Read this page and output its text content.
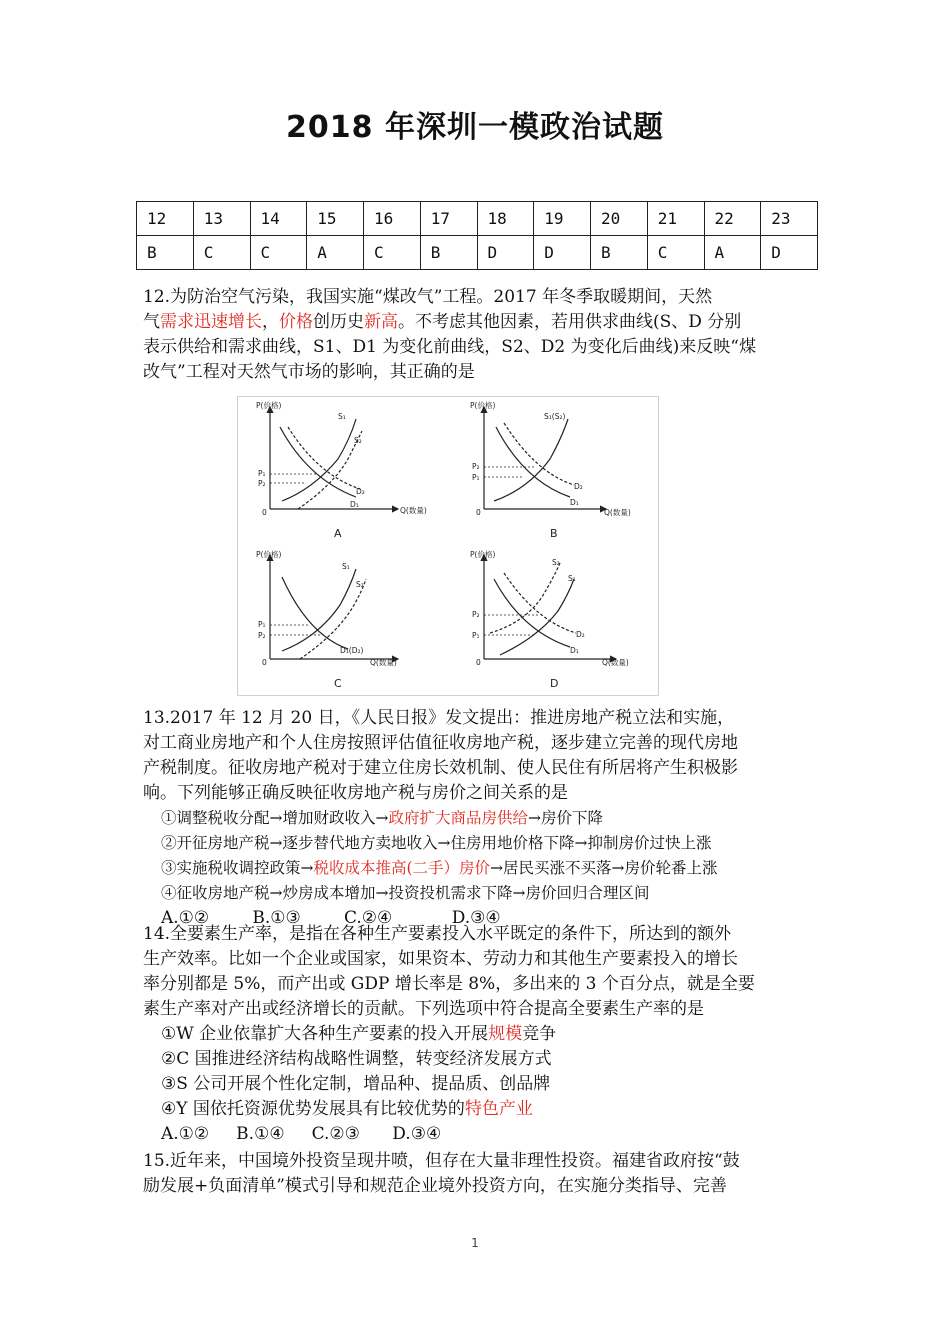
2018 年深圳一模政治试题
12	13	14	15	16	17	18	19	20	21	22	23
B	C	C	A	C	B	D	D	B	C	A	D

12.为防治空气污染，我国实施“煤改气”工程。2017 年冬季取暖期间，天然

气需求迅速增长，价格创历史新高。不考虑其他因素，若用供求曲线(S、D 分别

表示供给和需求曲线，S1、D1 为变化前曲线，S2、D2 为变化后曲线)来反映“煤

改气”工程对天然气市场的影响，其正确的是

P(价格)
Q(数量)
0
P₁
P₂
S₁
S₂
D₁
D₂
A
P(价格)
Q(数量)
0
P₂
P₁
S₁(S₂)
D₂
D₁
B
P(价格)
Q(数量)
0
P₁
P₂
S₁
S₂
D₁(D₂)
C
P(价格)
Q(数量)
0
P₂
P₁
S₂
S₁
D₂
D₁
D

13.2017 年 12 月 20 日，《人民日报》发文提出：推进房地产税立法和实施，

对工商业房地产和个人住房按照评估值征收房地产税，逐步建立完善的现代房地

产税制度。征收房地产税对于建立住房长效机制、使人民住有所居将产生积极影

响。下列能够正确反映征收房地产税与房价之间关系的是

①调整税收分配→增加财政收入→政府扩大商品房供给→房价下降

②开征房地产税→逐步替代地方卖地收入→住房用地价格下降→抑制房价过快上涨

③实施税收调控政策→税收成本推高(二手）房价→居民买涨不买落→房价轮番上涨

④征收房地产税→炒房成本增加→投资投机需求下降→房价回归合理区间

A.①②        B.①③        C.②④           D.③④

14.全要素生产率，是指在各种生产要素投入水平既定的条件下，所达到的额外

生产效率。比如一个企业或国家，如果资本、劳动力和其他生产要素投入的增长

率分别都是 5%，而产出或 GDP 增长率是 8%，多出来的 3 个百分点，就是全要

素生产率对产出或经济增长的贡献。下列选项中符合提高全要素生产率的是

①W 企业依靠扩大各种生产要素的投入开展规模竞争

②C 国推进经济结构战略性调整，转变经济发展方式

③S 公司开展个性化定制，增品种、提品质、创品牌

④Y 国依托资源优势发展具有比较优势的特色产业

A.①②     B.①④     C.②③      D.③④

15.近年来，中国境外投资呈现井喷，但存在大量非理性投资。福建省政府按“鼓

励发展+负面清单”模式引导和规范企业境外投资方向，在实施分类指导、完善

1
